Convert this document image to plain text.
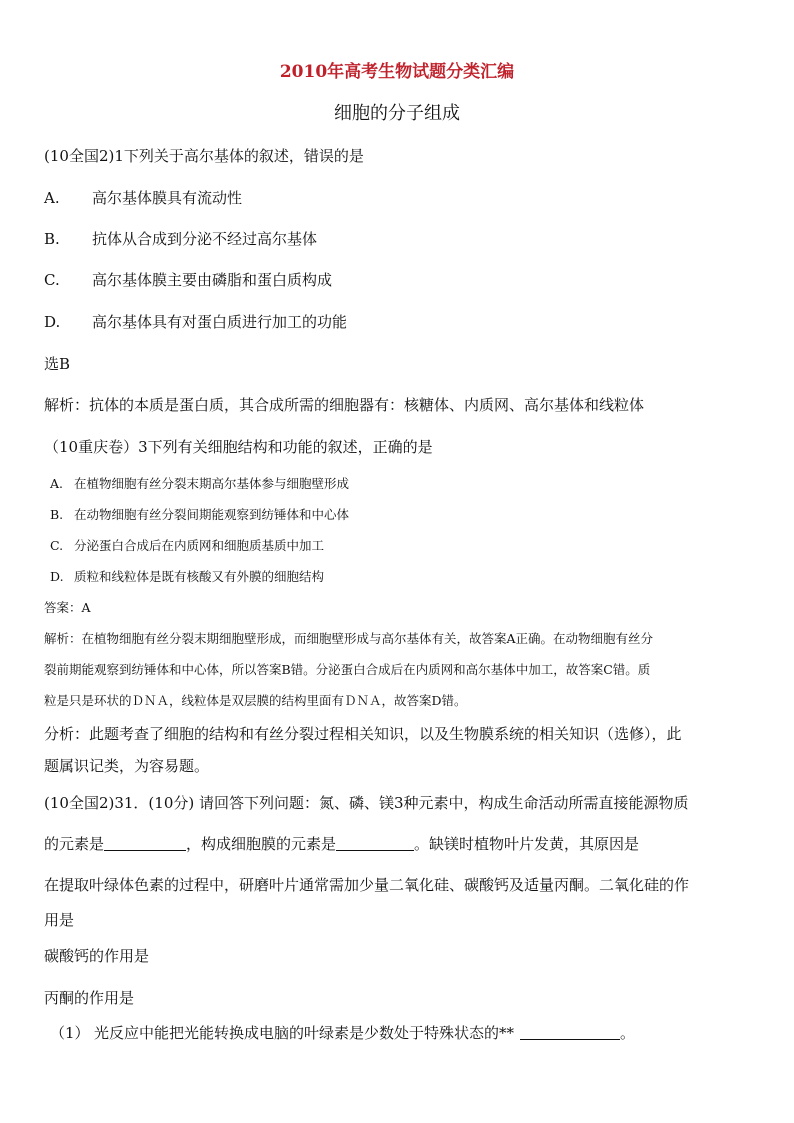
2010年高考生物试题分类汇编
细胞的分子组成
(10全国2)1下列关于高尔基体的叙述，错误的是
A. 高尔基体膜具有流动性
B. 抗体从合成到分泌不经过高尔基体
C. 高尔基体膜主要由磷脂和蛋白质构成
D. 高尔基体具有对蛋白质进行加工的功能
选B
解析：抗体的本质是蛋白质，其合成所需的细胞器有：核糖体、内质网、高尔基体和线粒体
（10重庆卷）3下列有关细胞结构和功能的叙述，正确的是
A. 在植物细胞有丝分裂末期高尔基体参与细胞壁形成
B. 在动物细胞有丝分裂间期能观察到纺锤体和中心体
C. 分泌蛋白合成后在内质网和细胞质基质中加工
D. 质粒和线粒体是既有核酸又有外膜的细胞结构
答案：A
解析：在植物细胞有丝分裂末期细胞壁形成，而细胞壁形成与高尔基体有关，故答案A正确。在动物细胞有丝分
裂前期能观察到纺锤体和中心体，所以答案B错。分泌蛋白合成后在内质网和高尔基体中加工，故答案C错。质
粒是只是环状的ＤＮＡ，线粒体是双层膜的结构里面有ＤＮＡ，故答案D错。
分析：此题考查了细胞的结构和有丝分裂过程相关知识，以及生物膜系统的相关知识（选修），此
题属识记类，为容易题。
(10全国2)31．(10分) 请回答下列问题：氮、磷、镁3种元素中，构成生命活动所需直接能源物质
的元素是	，构成细胞膜的元素是	。缺镁时植物叶片发黄，其原因是
在提取叶绿体色素的过程中，研磨叶片通常需加少量二氧化硅、碳酸钙及适量丙酮。二氧化硅的作
用是
碳酸钙的作用是
丙酮的作用是
（1） 光反应中能把光能转换成电脑的叶绿素是少数处于特殊状态的**	。
